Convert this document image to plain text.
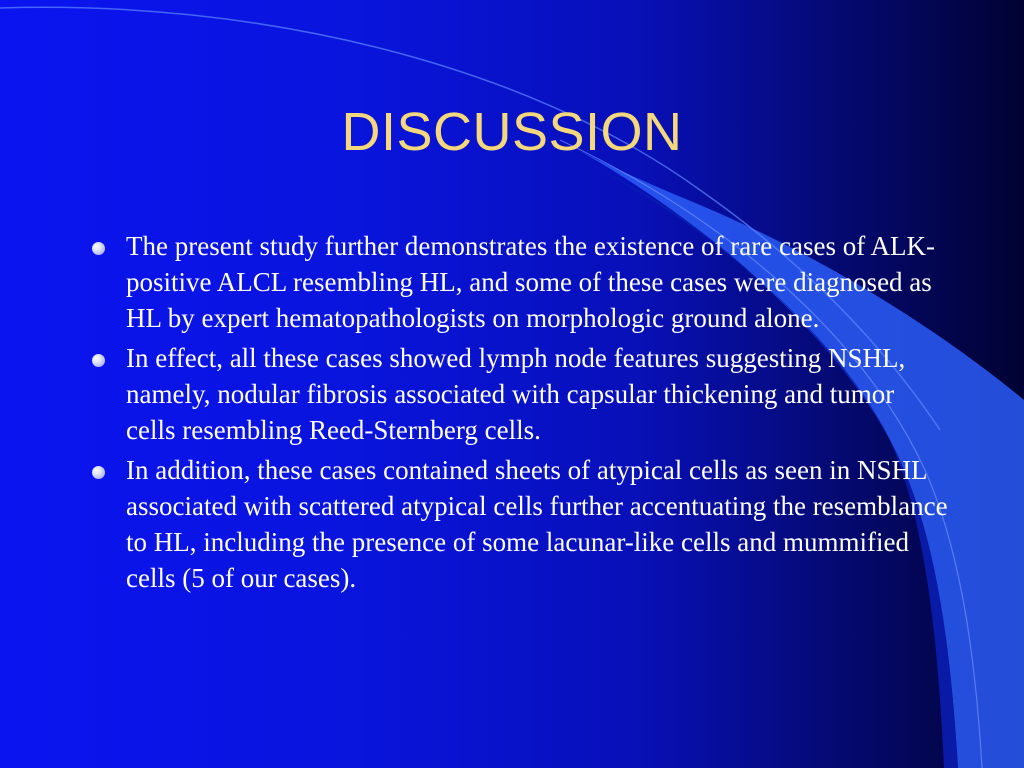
DISCUSSION
The present study further demonstrates the existence of rare cases of ALK-positive ALCL resembling HL, and some of these cases were diagnosed as HL by expert hematopathologists on morphologic ground alone.
In effect, all these cases showed lymph node features suggesting NSHL, namely, nodular fibrosis associated with capsular thickening and tumor cells resembling Reed-Sternberg cells.
In addition, these cases contained sheets of atypical cells as seen in NSHL associated with scattered atypical cells further accentuating the resemblance to HL, including the presence of some lacunar-like cells and mummified cells (5 of our cases).
